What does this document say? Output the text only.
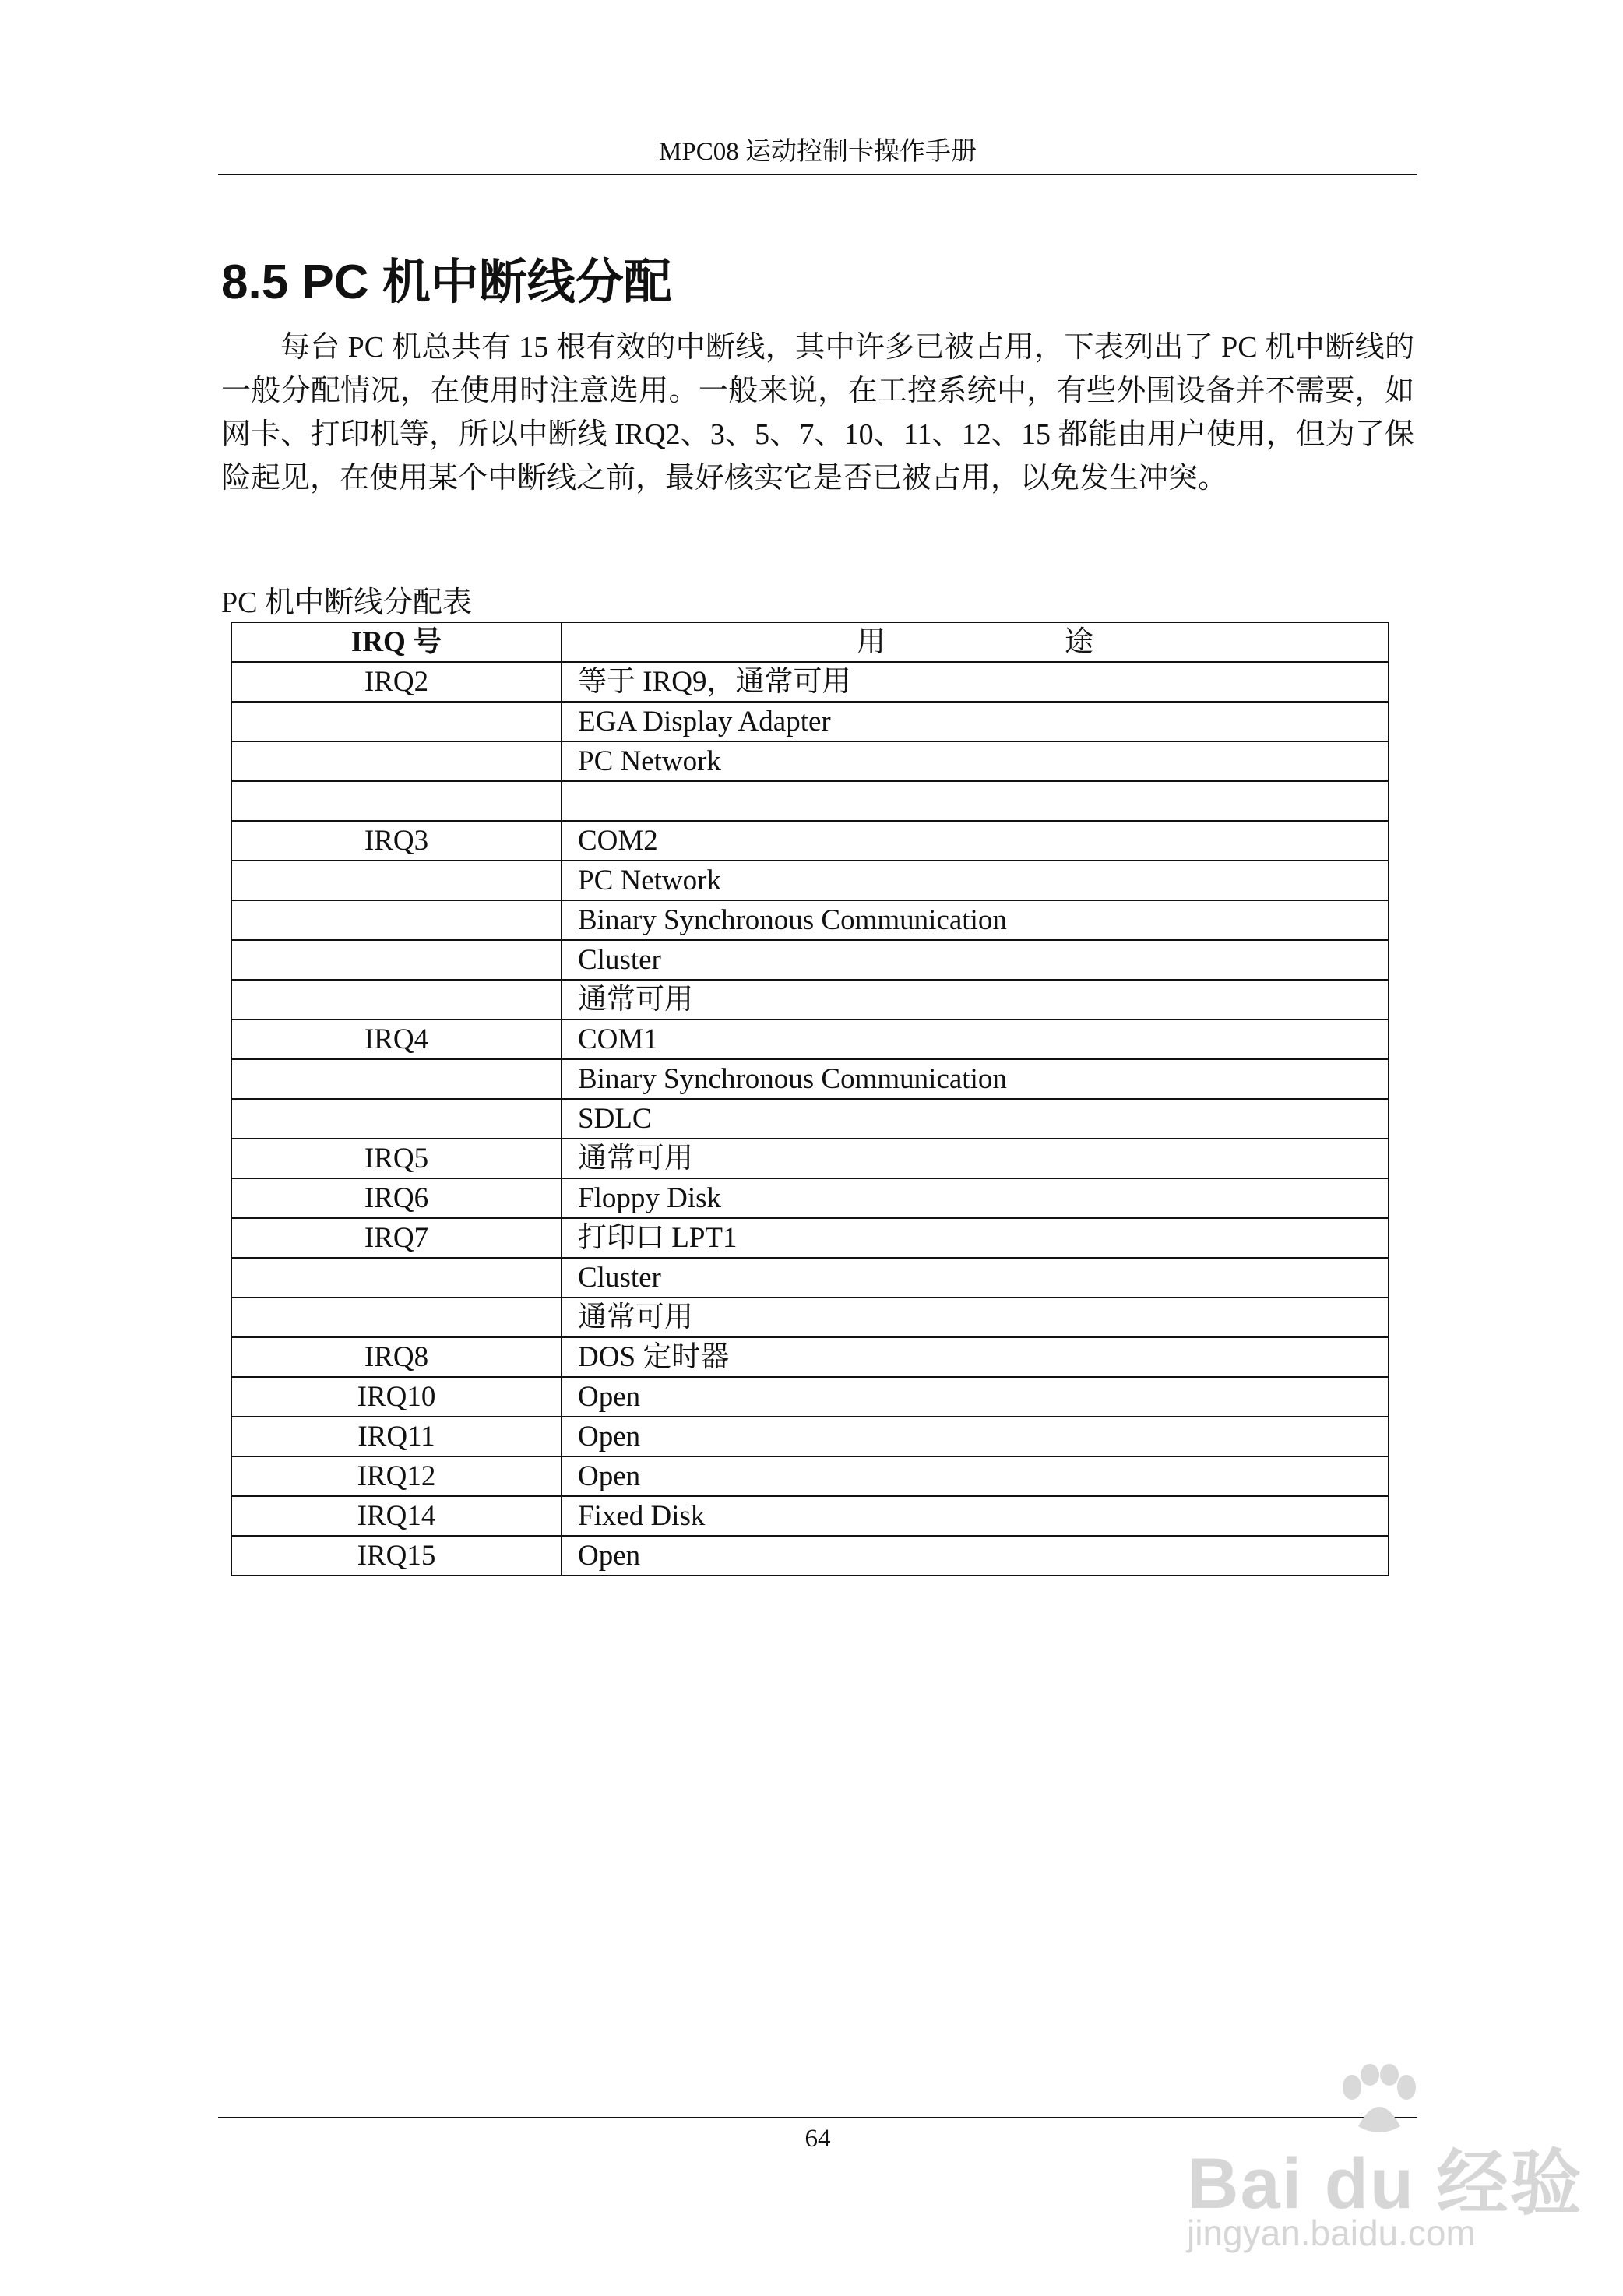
MPC08 运动控制卡操作手册
8.5 PC 机中断线分配

每台 PC 机总共有 15 根有效的中断线，其中许多已被占用，下表列出了 PC 机中断线的一般分配情况，在使用时注意选用。一般来说，在工控系统中，有些外围设备并不需要，如网卡、打印机等，所以中断线 IRQ2、3、5、7、10、11、12、15 都能由用户使用，但为了保险起见，在使用某个中断线之前，最好核实它是否已被占用，以免发生冲突。

PC 机中断线分配表
IRQ 号	用 途
IRQ2	等于 IRQ9，通常可用
	EGA Display Adapter
	PC Network

IRQ3	COM2
	PC Network
	Binary Synchronous Communication
	Cluster
	通常可用
IRQ4	COM1
	Binary Synchronous Communication
	SDLC
IRQ5	通常可用
IRQ6	Floppy Disk
IRQ7	打印口 LPT1
	Cluster
	通常可用
IRQ8	DOS 定时器
IRQ10	Open
IRQ11	Open
IRQ12	Open
IRQ14	Fixed Disk
IRQ15	Open
64
Bai du 经验
jingyan.baidu.com
